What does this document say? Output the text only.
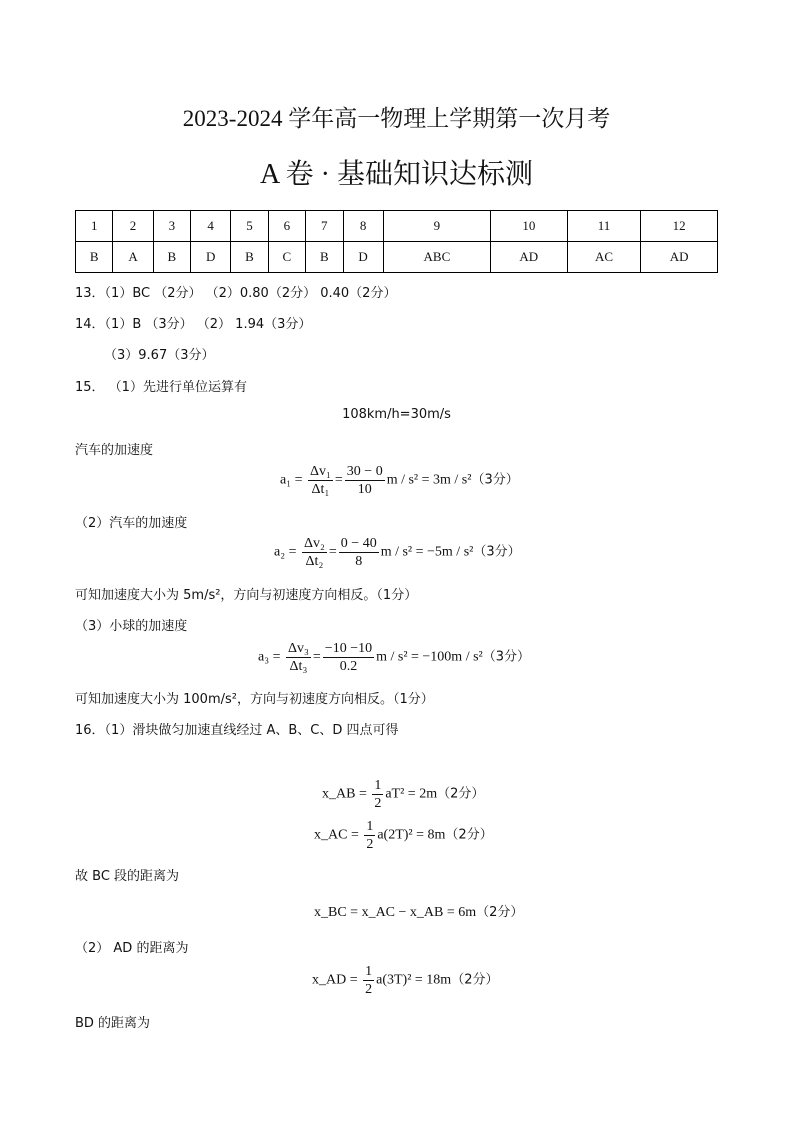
2023-2024 学年高一物理上学期第一次月考
A 卷 · 基础知识达标测
1	2	3	4	5	6	7	8	9	10	11	12
B	A	B	D	B	C	B	D	ABC	AD	AC	AD
13．（1）BC （2分） （2）0.80（2分） 0.40（2分）
14．（1）B （3分） （2） 1.94（3分）
（3）9.67（3分）
15． （1）先进行单位运算有
108km/h=30m/s
汽车的加速度
$a_1 = \frac{\text{Δv₁}}{\text{Δt₁}} = \frac{30 - 0}{10}$ m / s² = 3m / s²（3分）
（2）汽车的加速度
$a_2 = \frac{\text{Δv₂}}{\text{Δt₂}} = \frac{0 - 40}{8}$ m / s² = −5m / s²（3分）
可知加速度大小为 5m/s²，方向与初速度方向相反。（1分）
（3）小球的加速度
$a_3 = \frac{\text{Δv₃}}{\text{Δt₃}} = \frac{-10 -10}{0.2}$ m / s² = −100m / s²（3分）
可知加速度大小为 100m/s²，方向与初速度方向相反。（1分）
16．（1）滑块做匀加速直线经过 A、B、C、D 四点可得
x_AB = $\frac{1}{2} aT^2 = 2m(2$分）
x_AC = $\frac{1}{2} a(2T)^2 = 8m(2$分）
故 BC 段的距离为
x_BC = x_AC − x_AB = 6m（2分）
（2） AD 的距离为
x_AD = $\frac{1}{2} a(3T)^2 = 18m(2$分）
BD 的距离为
